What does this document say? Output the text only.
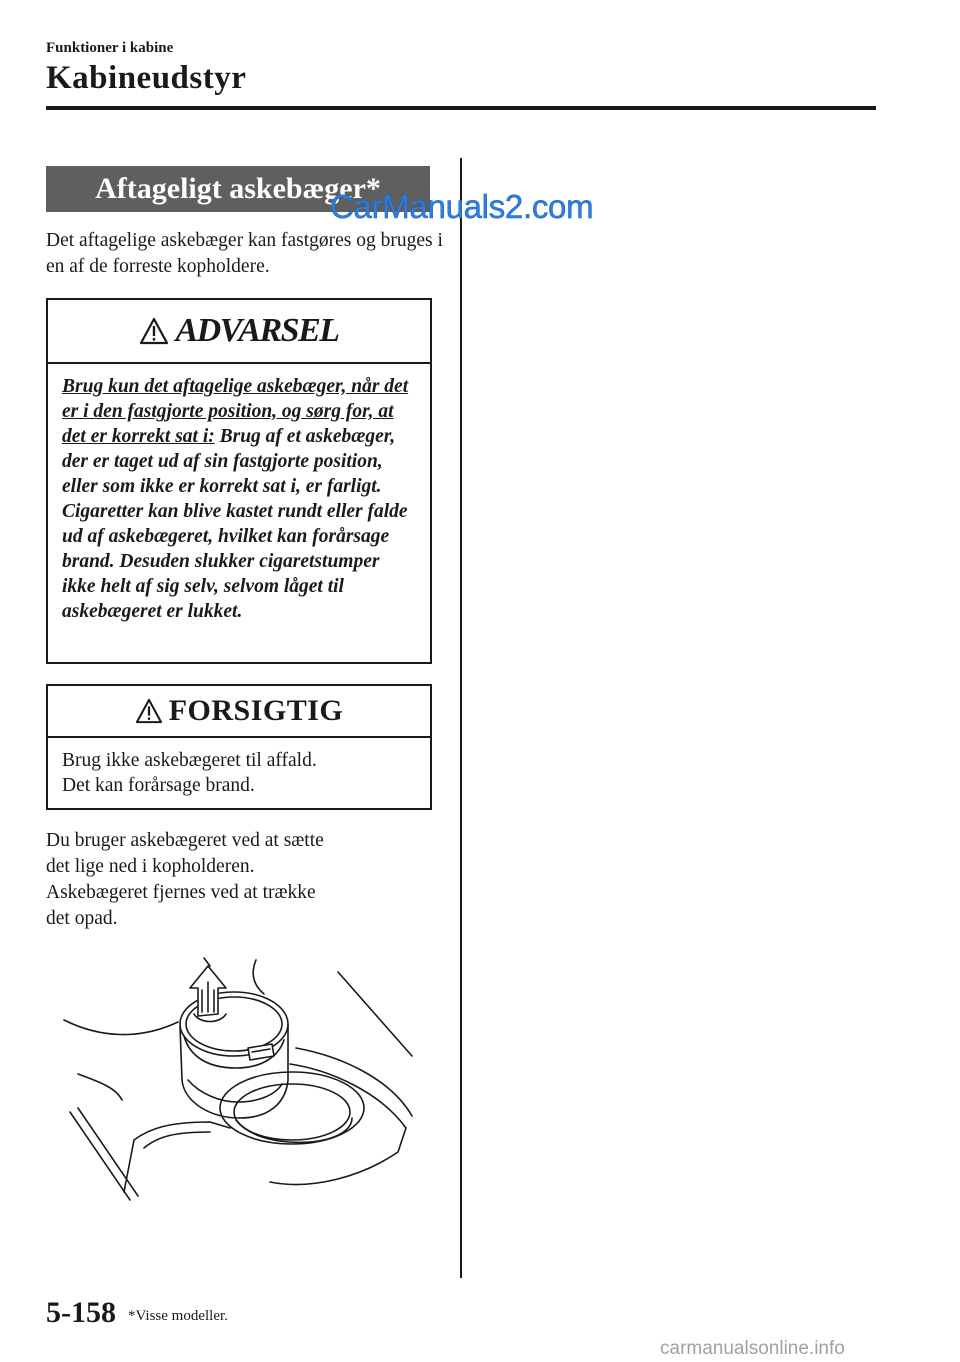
Funktioner i kabine
Kabineudstyr
Aftageligt askebæger*
CarManuals2.com
Det aftagelige askebæger kan fastgøres og bruges i en af de forreste kopholdere.
ADVARSEL
Brug kun det aftagelige askebæger, når det er i den fastgjorte position, og sørg for, at det er korrekt sat i: Brug af et askebæger, der er taget ud af sin fastgjorte position, eller som ikke er korrekt sat i, er farligt. Cigaretter kan blive kastet rundt eller falde ud af askebægeret, hvilket kan forårsage brand. Desuden slukker cigaretstumper ikke helt af sig selv, selvom låget til askebægeret er lukket.
FORSIGTIG
Brug ikke askebægeret til affald.
Det kan forårsage brand.
Du bruger askebægeret ved at sætte
det lige ned i kopholderen.
Askebægeret fjernes ved at trække
det opad.
5-158 *Visse modeller.
carmanualsonline.info
